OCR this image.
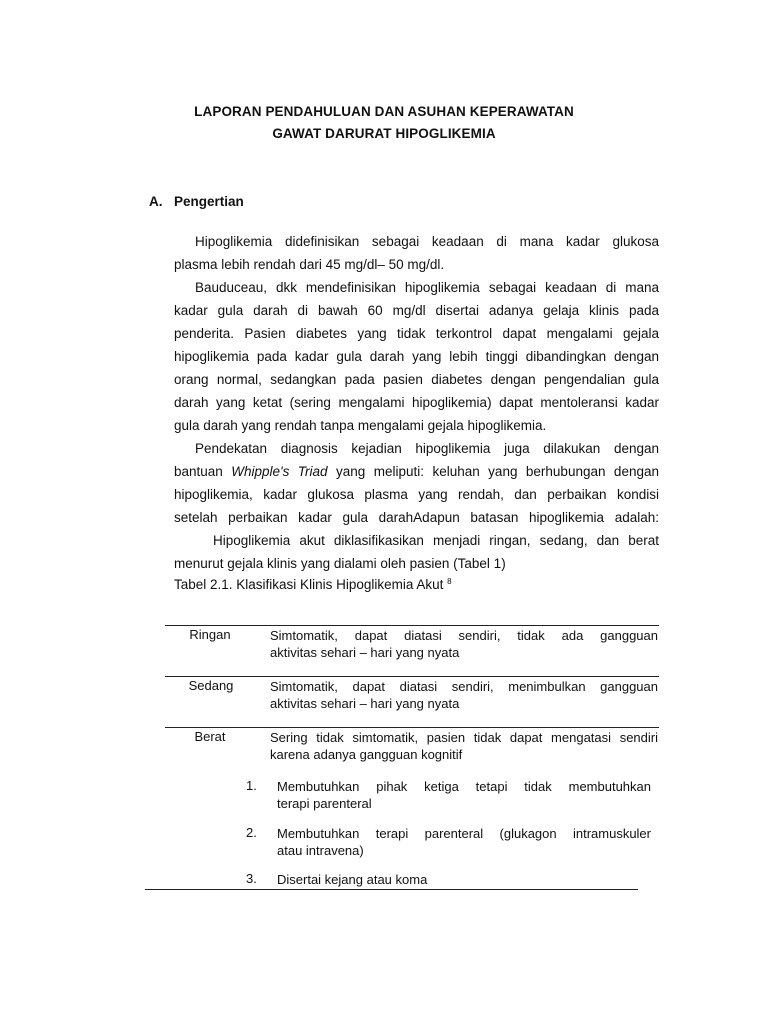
LAPORAN PENDAHULUAN DAN ASUHAN KEPERAWATAN
GAWAT DARURAT HIPOGLIKEMIA
A. Pengertian

Hipoglikemia didefinisikan sebagai keadaan di mana kadar glukosa
plasma lebih rendah dari 45 mg/dl– 50 mg/dl.

Bauduceau, dkk mendefinisikan hipoglikemia sebagai keadaan di mana
kadar gula darah di bawah 60 mg/dl disertai adanya gelaja klinis pada
penderita. Pasien diabetes yang tidak terkontrol dapat mengalami gejala
hipoglikemia pada kadar gula darah yang lebih tinggi dibandingkan dengan
orang normal, sedangkan pada pasien diabetes dengan pengendalian gula
darah yang ketat (sering mengalami hipoglikemia) dapat mentoleransi kadar
gula darah yang rendah tanpa mengalami gejala hipoglikemia.

Pendekatan diagnosis kejadian hipoglikemia juga dilakukan dengan
bantuan Whipple's Triad yang meliputi: keluhan yang berhubungan dengan
hipoglikemia, kadar glukosa plasma yang rendah, dan perbaikan kondisi
setelah perbaikan kadar gula darahAdapun batasan hipoglikemia adalah:

Hipoglikemia akut diklasifikasikan menjadi ringan, sedang, dan berat
menurut gejala klinis yang dialami oleh pasien (Tabel 1)

Tabel 2.1. Klasifikasi Klinis Hipoglikemia Akut $^8$
Ringan	Simtomatik, dapat diatasi sendiri, tidak ada gangguan
aktivitas sehari – hari yang nyata
Sedang	Simtomatik, dapat diatasi sendiri, menimbulkan gangguan
aktivitas sehari – hari yang nyata
Berat	Sering tidak simtomatik, pasien tidak dapat mengatasi sendiri
karena adanya gangguan kognitif
1. Membutuhkan pihak ketiga tetapi tidak membutuhkan
terapi parenteral
2. Membutuhkan terapi parenteral (glukagon intramuskuler
atau intravena)
3. Disertai kejang atau koma
